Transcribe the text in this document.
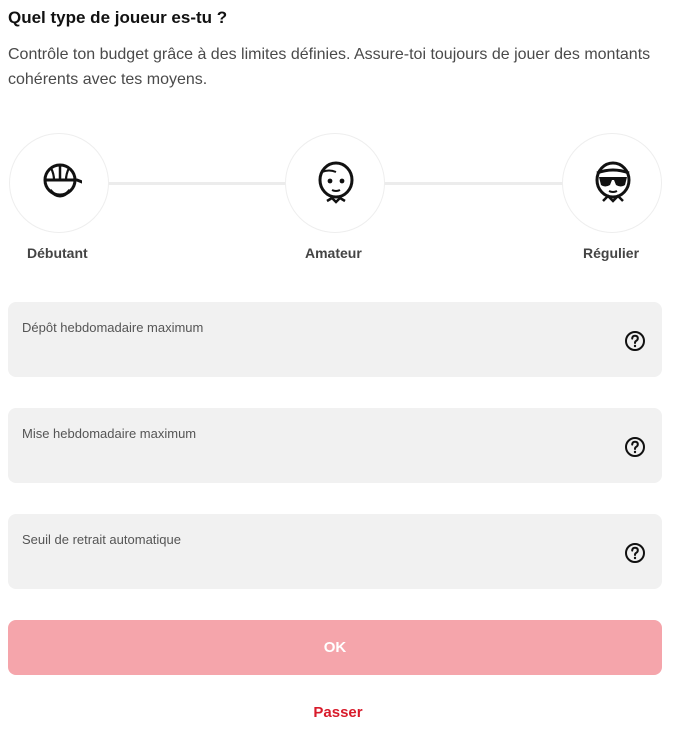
Quel type de joueur es-tu ?

Contrôle ton budget grâce à des limites définies. Assure-toi toujours de jouer des montants cohérents avec tes moyens.

Débutant	Amateur	Régulier
Dépôt hebdomadaire maximum
Mise hebdomadaire maximum
Seuil de retrait automatique
OK
Passer
